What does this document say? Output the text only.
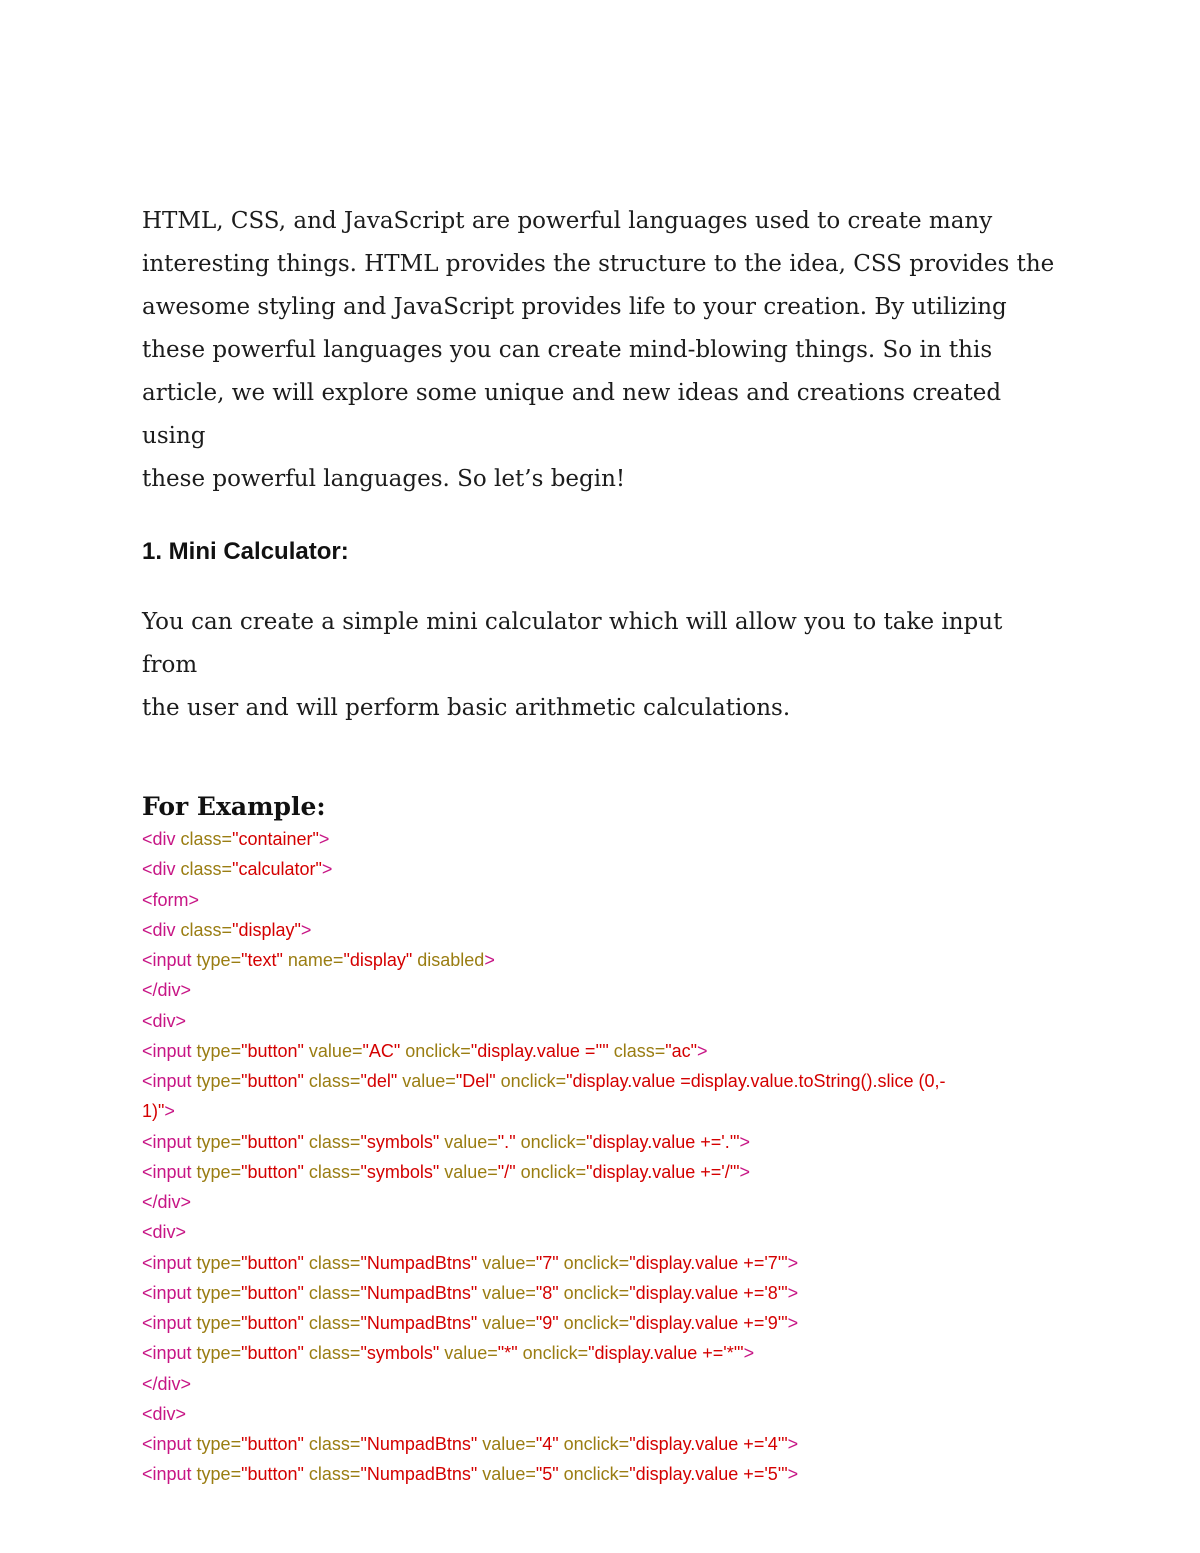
HTML, CSS, and JavaScript are powerful languages used to create many
interesting things. HTML provides the structure to the idea, CSS provides the
awesome styling and JavaScript provides life to your creation. By utilizing
these powerful languages you can create mind-blowing things. So in this
article, we will explore some unique and new ideas and creations created using
these powerful languages. So let’s begin!

1. Mini Calculator:

You can create a simple mini calculator which will allow you to take input from
the user and will perform basic arithmetic calculations.

For Example:
<div class="container">
<div class="calculator">
<form>
<div class="display">
<input type="text" name="display" disabled>
</div>
<div>
<input type="button" value="AC" onclick="display.value =''" class="ac">
<input type="button" class="del" value="Del" onclick="display.value =display.value.toString().slice (0,-
1)">
<input type="button" class="symbols" value="." onclick="display.value +='.'">
<input type="button" class="symbols" value="/" onclick="display.value +='/'">
</div>
<div>
<input type="button" class="NumpadBtns" value="7" onclick="display.value +='7'">
<input type="button" class="NumpadBtns" value="8" onclick="display.value +='8'">
<input type="button" class="NumpadBtns" value="9" onclick="display.value +='9'">
<input type="button" class="symbols" value="*" onclick="display.value +='*'">
</div>
<div>
<input type="button" class="NumpadBtns" value="4" onclick="display.value +='4'">
<input type="button" class="NumpadBtns" value="5" onclick="display.value +='5'">
